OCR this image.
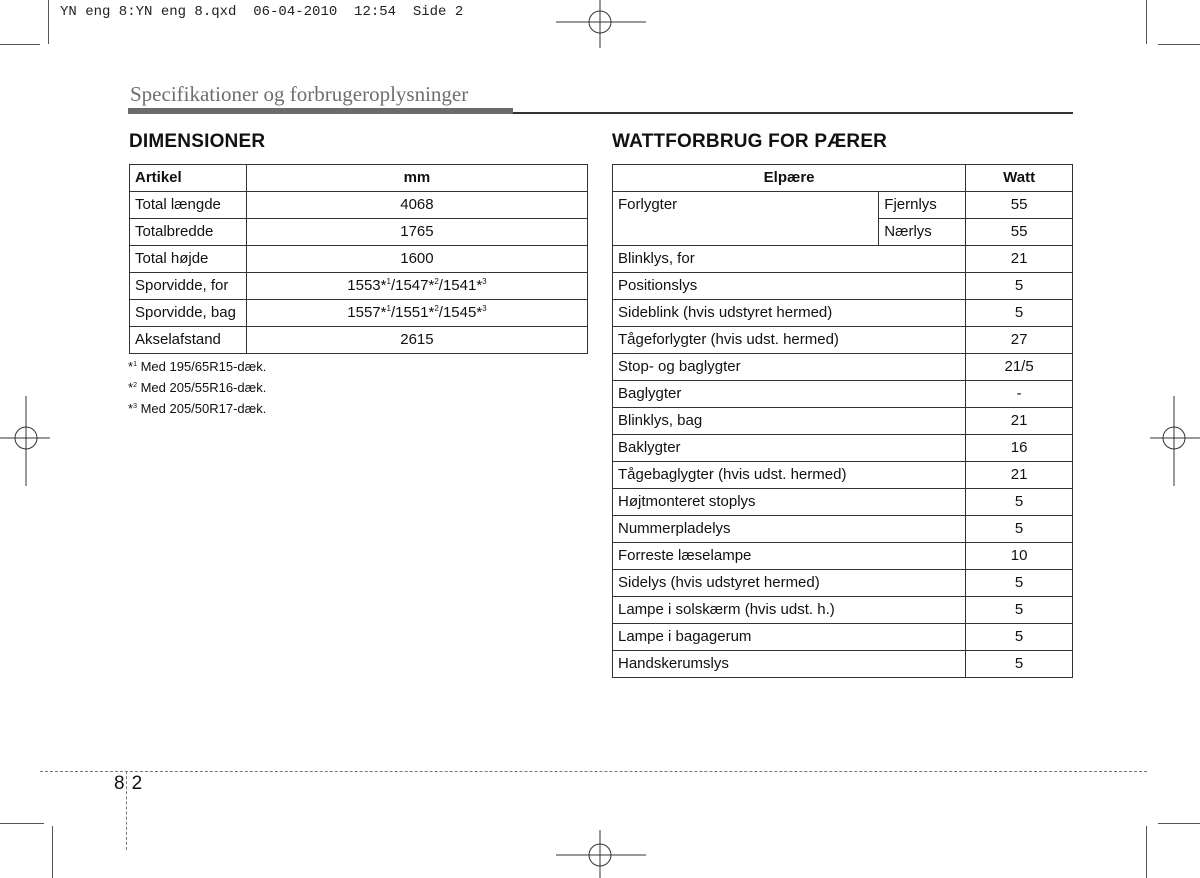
YN eng 8:YN eng 8.qxd  06-04-2010  12:54  Side 2
Specifikationer og forbrugeroplysninger
DIMENSIONER
Artikel	mm
Total længde	4068
Totalbredde	1765
Total højde	1600
Sporvidde, for	1553*$^1$/1547*$^2$/1541*$^3$
Sporvidde, bag	1557*$^1$/1551*$^2$/1545*$^3$
Akselafstand	2615
*$^1$ Med 195/65R15-dæk.
*$^2$ Med 205/55R16-dæk.
*$^3$ Med 205/50R17-dæk.
WATTFORBRUG FOR PÆRER
Elpære		Watt
Forlygter	Fjernlys	55
	Nærlys	55
Blinklys, for		21
Positionslys		5
Sideblink (hvis udstyret hermed)		5
Tågeforlygter (hvis udst. hermed)		27
Stop- og baglygter		21/5
Baglygter		-
Blinklys, bag		21
Baklygter		16
Tågebaglygter (hvis udst. hermed)		21
Højtmonteret stoplys		5
Nummerpladelys		5
Forreste læselampe		10
Sidelys (hvis udstyret hermed)		5
Lampe i solskærm (hvis udst. h.)		5
Lampe i bagagerum		5
Handskerumslys		5
8 2
